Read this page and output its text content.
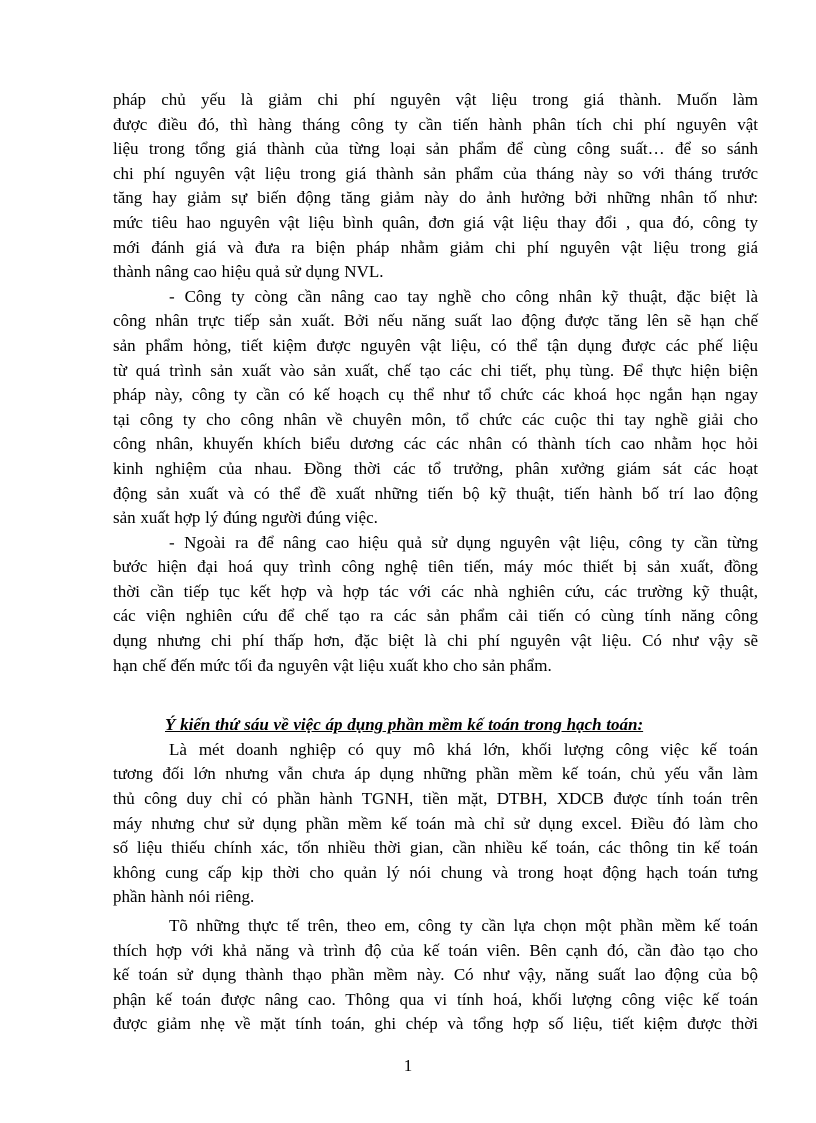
pháp chủ yếu là giảm chi phí nguyên vật liệu trong giá thành. Muốn làm
được điều đó, thì hàng tháng công ty cần tiến hành phân tích chi phí nguyên vật
liệu trong tổng giá thành của từng loại sản phẩm để cùng công suất… để so sánh
chi phí nguyên vật liệu trong giá thành sản phẩm của tháng này so với tháng trước
tăng hay giảm sự biến động tăng giảm này do ảnh hưởng bởi những nhân tố như:
mức tiêu hao nguyên vật liệu bình quân, đơn giá vật liệu thay đổi , qua đó, công ty
mới đánh giá và đưa ra biện pháp nhằm giảm chi phí nguyên vật liệu trong giá
thành nâng cao hiệu quả sử dụng NVL.

- Công ty còng cần nâng cao tay nghề cho công nhân kỹ thuật, đặc biệt là
công nhân trực tiếp sản xuất. Bởi nếu năng suất lao động được tăng lên sẽ hạn chế
sản phẩm hỏng, tiết kiệm được nguyên vật liệu, có thể tận dụng được các phế liệu
từ quá trình sản xuất vào sản xuất, chế tạo các chi tiết, phụ tùng. Để thực hiện biện
pháp này, công ty cần có kế hoạch cụ thể như tổ chức các khoá học ngắn hạn ngay
tại công ty cho công nhân về chuyên môn, tổ chức các cuộc thi tay nghề giải cho
công nhân, khuyến khích biểu dương các các nhân có thành tích cao nhằm học hỏi
kinh nghiệm của nhau. Đồng thời các tổ trưởng, phân xưởng giám sát các hoạt
động sản xuất và có thể đề xuất những tiến bộ kỹ thuật, tiến hành bố trí lao động
sản xuất hợp lý đúng người đúng việc.

- Ngoài ra để nâng cao hiệu quả sử dụng nguyên vật liệu, công ty cần từng
bước hiện đại hoá quy trình công nghệ tiên tiến, máy móc thiết bị sản xuất, đồng
thời cần tiếp tục kết hợp và hợp tác với các nhà nghiên cứu, các trường kỹ thuật,
các viện nghiên cứu để chế tạo ra các sản phẩm cải tiến có cùng tính năng công
dụng nhưng chi phí thấp hơn, đặc biệt là chi phí nguyên vật liệu. Có như vậy sẽ
hạn chế đến mức tối đa nguyên vật liệu xuất kho cho sản phẩm.

Ý kiến thứ sáu về việc áp dụng phần mềm kế toán trong hạch toán:

Là mét doanh nghiệp có quy mô khá lớn, khối lượng công việc kế toán
tương đối lớn nhưng vẫn chưa áp dụng những phần mềm kế toán, chủ yếu vẫn làm
thủ công duy chỉ có phần hành TGNH, tiền mặt, DTBH, XDCB được tính toán trên
máy nhưng chư sử dụng phần mềm kế toán mà chỉ sử dụng excel. Điều đó làm cho
số liệu thiếu chính xác, tốn nhiều thời gian, cần nhiều kế toán, các thông tin kế toán
không cung cấp kịp thời cho quản lý nói chung và trong hoạt động hạch toán tưng
phần hành nói riêng.

Tõ những thực tế trên, theo em, công ty cần lựa chọn một phần mềm kế toán
thích hợp với khả năng và trình độ của kế toán viên. Bên cạnh đó, cần đào tạo cho
kế toán sử dụng thành thạo phần mềm này. Có như vậy, năng suất lao động của bộ
phận kế toán được nâng cao. Thông qua vi tính hoá, khối lượng công việc kế toán
được giảm nhẹ về mặt tính toán, ghi chép và tổng hợp số liệu, tiết kiệm được thời

1
